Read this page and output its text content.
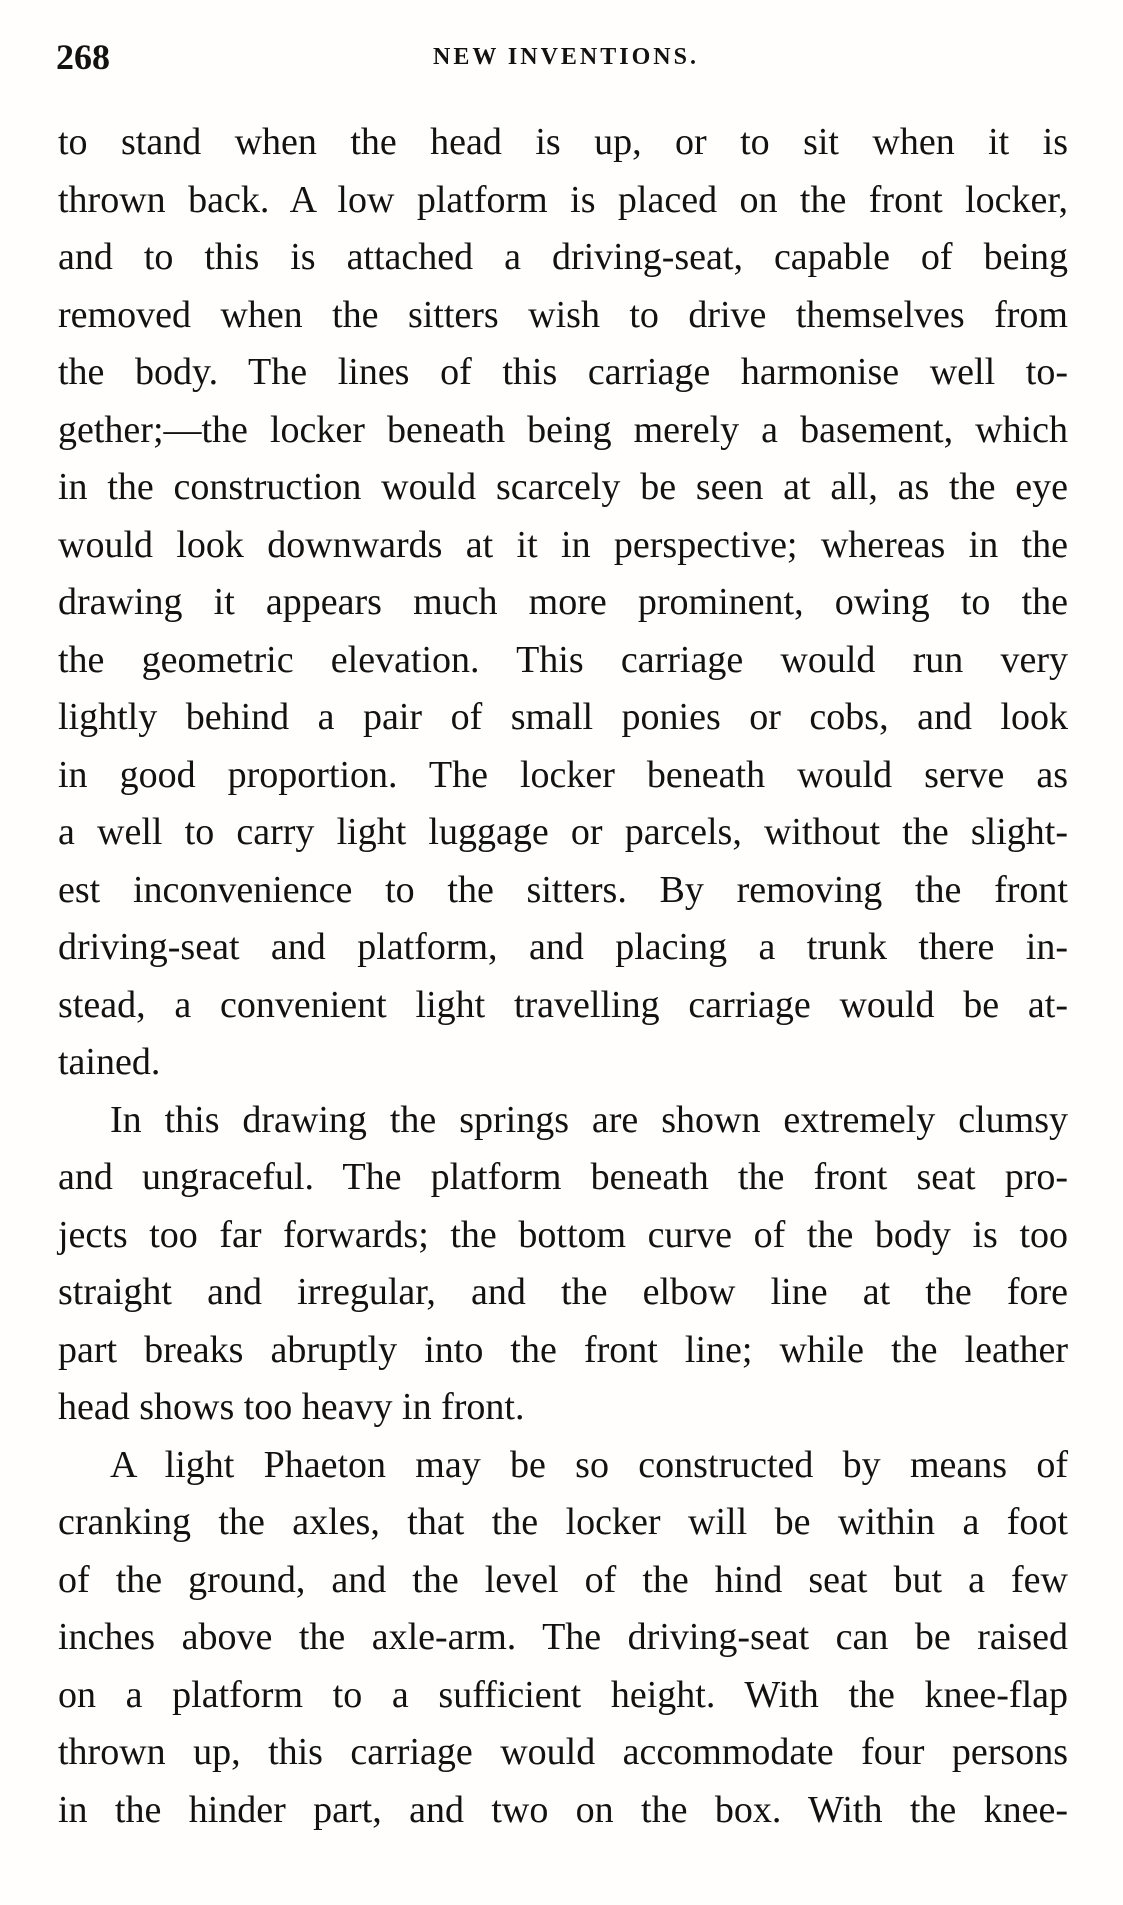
268	NEW INVENTIONS.
to stand when the head is up, or to sit when it is
thrown back. A low platform is placed on the front locker,
and to this is attached a driving-seat, capable of being
removed when the sitters wish to drive themselves from
the body. The lines of this carriage harmonise well to-
gether;—the locker beneath being merely a basement, which
in the construction would scarcely be seen at all, as the eye
would look downwards at it in perspective; whereas in the
drawing it appears much more prominent, owing to the
the geometric elevation. This carriage would run very
lightly behind a pair of small ponies or cobs, and look
in good proportion. The locker beneath would serve as
a well to carry light luggage or parcels, without the slight-
est inconvenience to the sitters. By removing the front
driving-seat and platform, and placing a trunk there in-
stead, a convenient light travelling carriage would be at-
tained.
In this drawing the springs are shown extremely clumsy
and ungraceful. The platform beneath the front seat pro-
jects too far forwards; the bottom curve of the body is too
straight and irregular, and the elbow line at the fore
part breaks abruptly into the front line; while the leather
head shows too heavy in front.
A light Phaeton may be so constructed by means of
cranking the axles, that the locker will be within a foot
of the ground, and the level of the hind seat but a few
inches above the axle-arm. The driving-seat can be raised
on a platform to a sufficient height. With the knee-flap
thrown up, this carriage would accommodate four persons
in the hinder part, and two on the box. With the knee-
